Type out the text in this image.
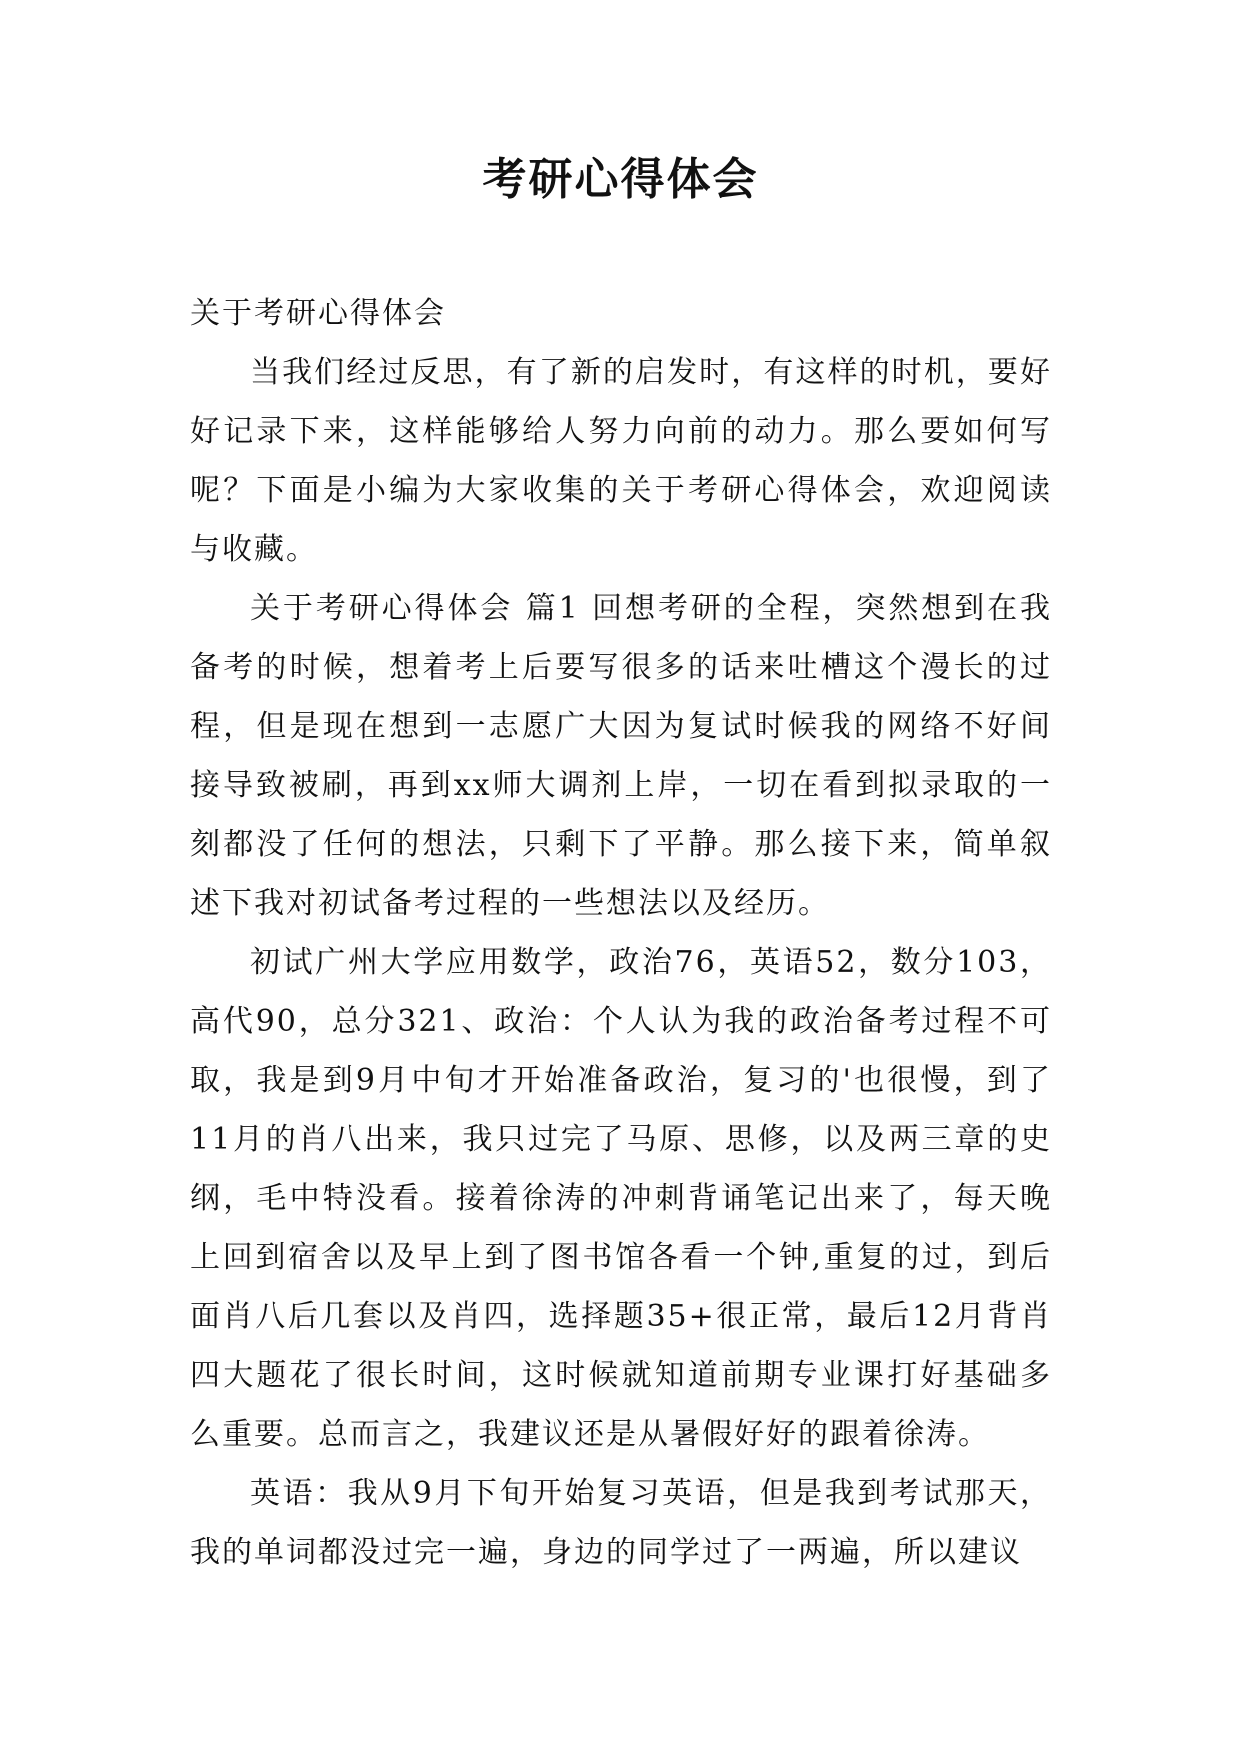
考研心得体会

关于考研心得体会

当我们经过反思，有了新的启发时，有这样的时机，要好好记录下来，这样能够给人努力向前的动力。那么要如何写呢？下面是小编为大家收集的关于考研心得体会，欢迎阅读与收藏。

关于考研心得体会 篇1 回想考研的全程，突然想到在我备考的时候，想着考上后要写很多的话来吐槽这个漫长的过程，但是现在想到一志愿广大因为复试时候我的网络不好间接导致被刷，再到xx师大调剂上岸，一切在看到拟录取的一刻都没了任何的想法，只剩下了平静。那么接下来，简单叙述下我对初试备考过程的一些想法以及经历。

初试广州大学应用数学，政治76，英语52，数分103，高代90，总分321、政治：个人认为我的政治备考过程不可取，我是到9月中旬才开始准备政治，复习的'也很慢，到了11月的肖八出来，我只过完了马原、思修，以及两三章的史纲，毛中特没看。接着徐涛的冲刺背诵笔记出来了，每天晚上回到宿舍以及早上到了图书馆各看一个钟,重复的过，到后面肖八后几套以及肖四，选择题35+很正常，最后12月背肖四大题花了很长时间，这时候就知道前期专业课打好基础多么重要。总而言之，我建议还是从暑假好好的跟着徐涛。

英语：我从9月下旬开始复习英语，但是我到考试那天，我的单词都没过完一遍，身边的同学过了一两遍，所以建议
